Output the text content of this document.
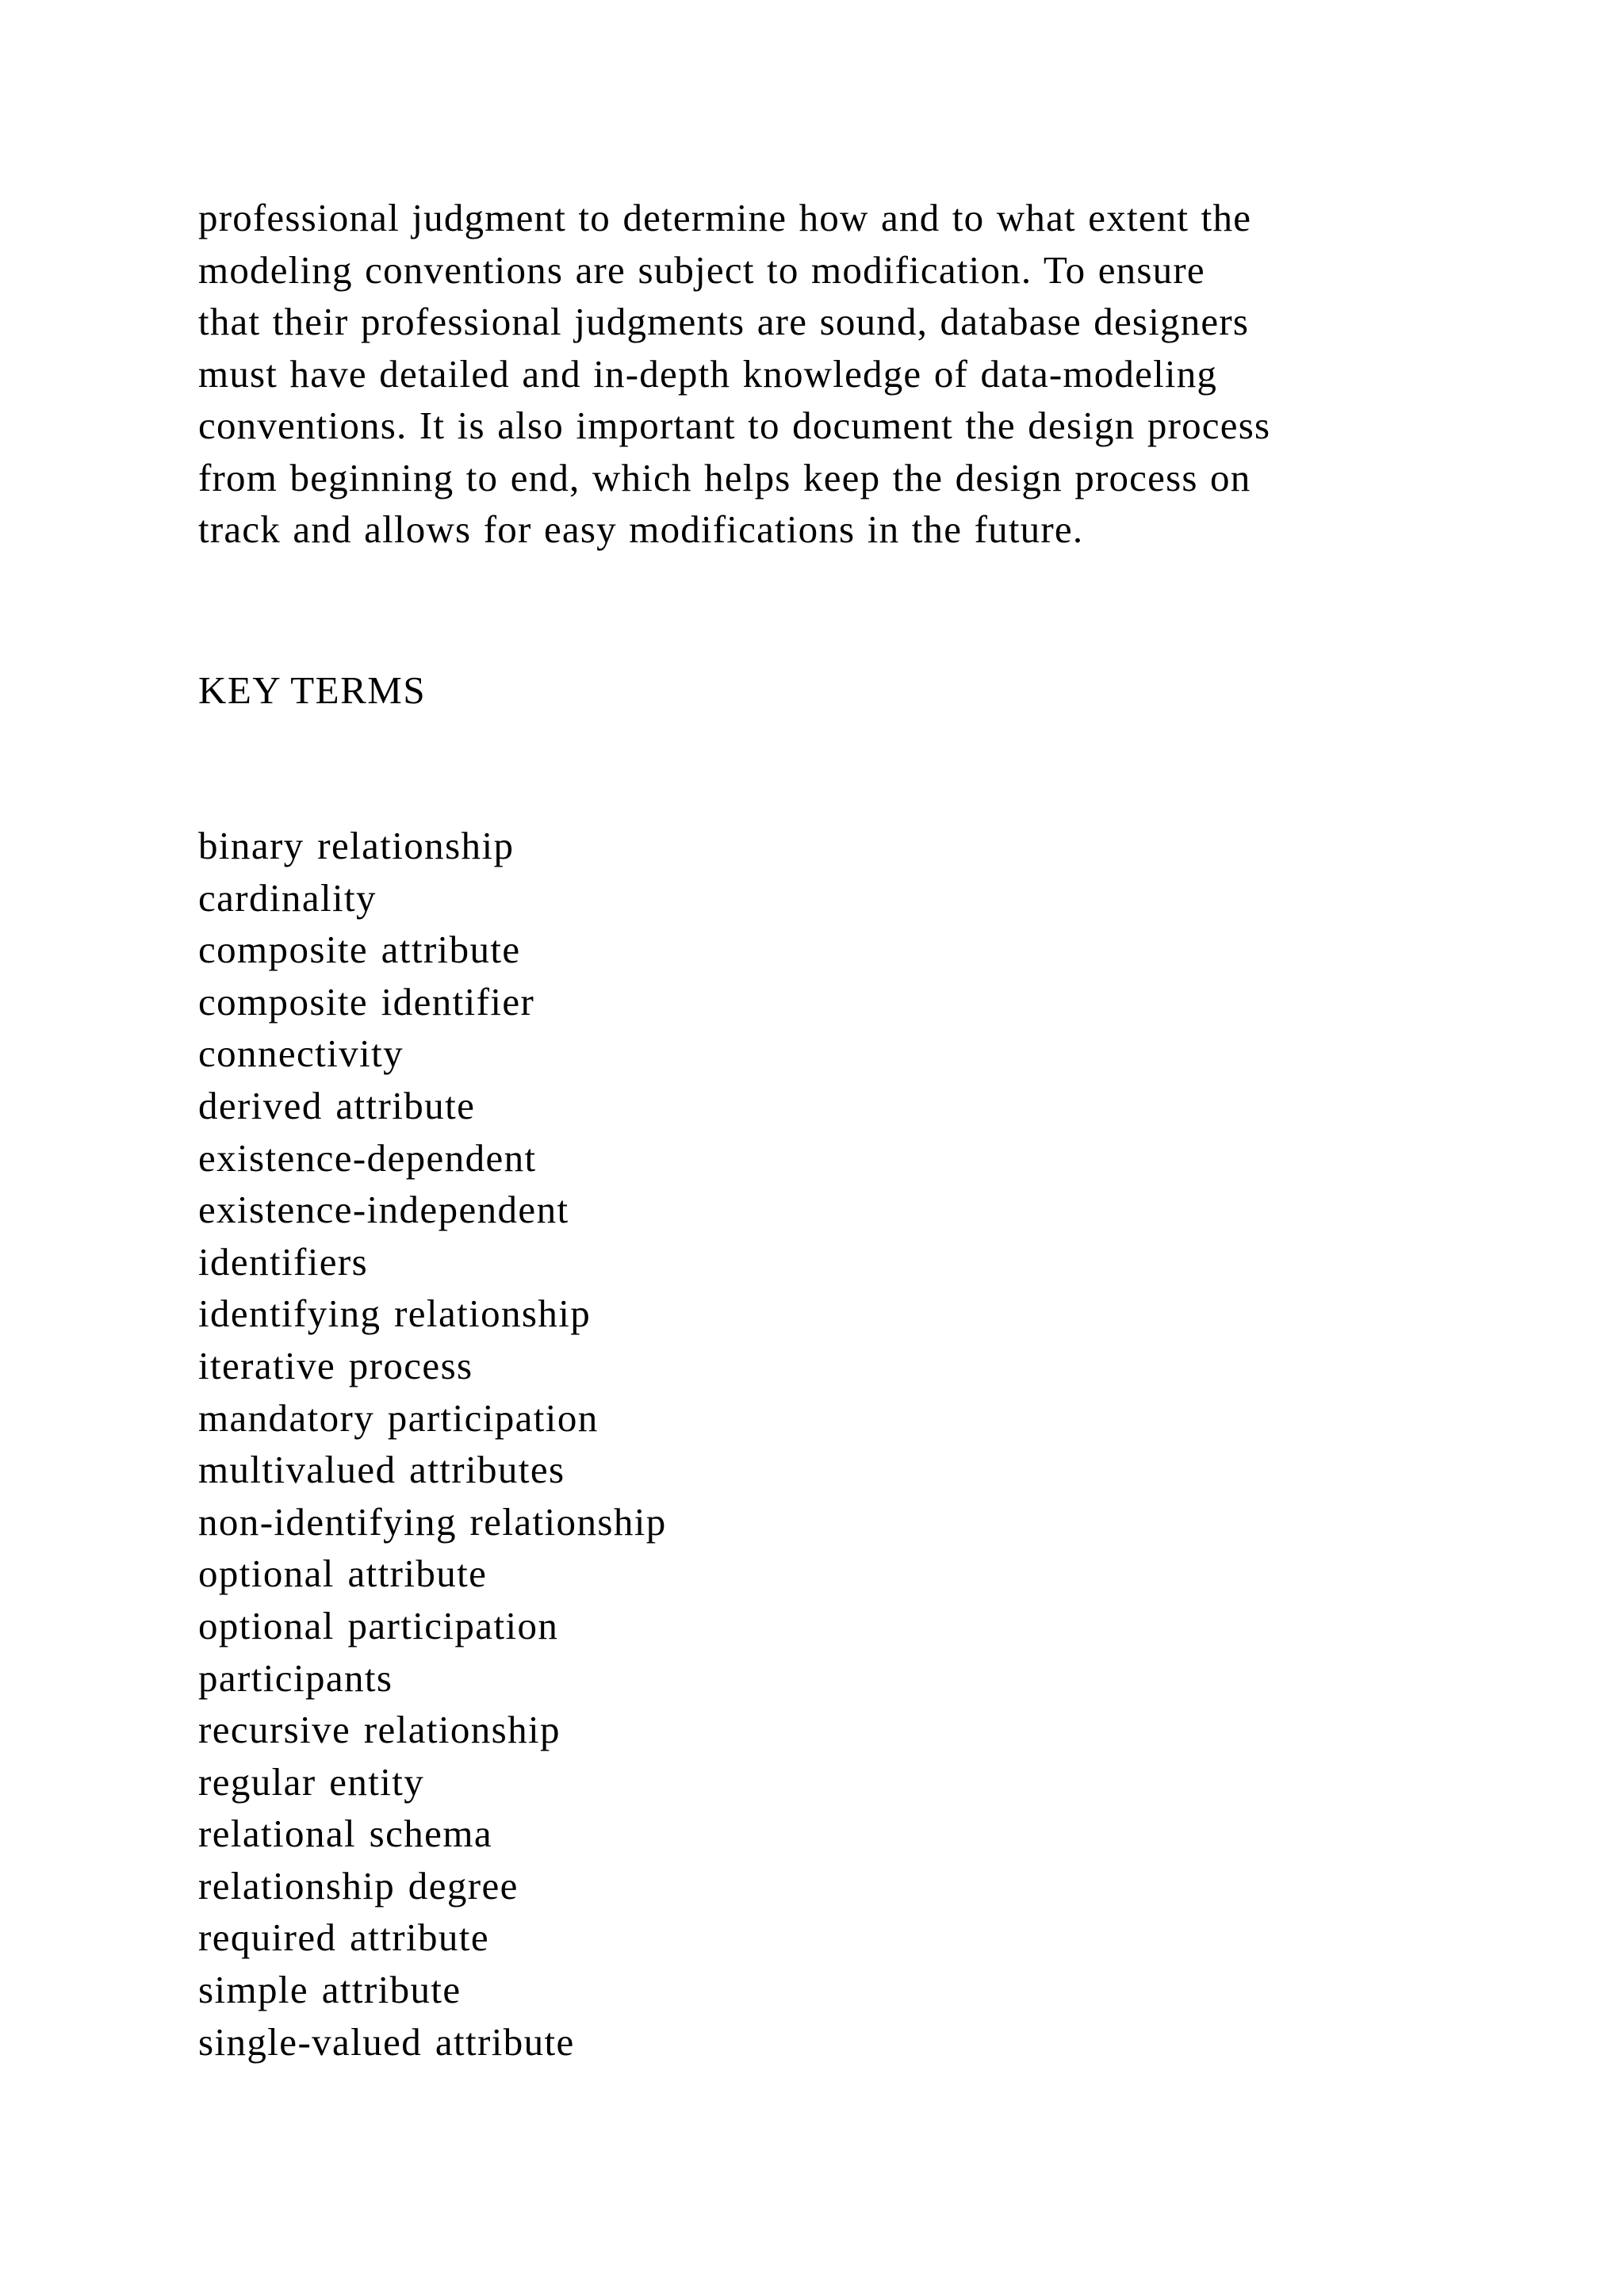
professional judgment to determine how and to what extent the
modeling conventions are subject to modification. To ensure
that their professional judgments are sound, database designers
must have detailed and in-depth knowledge of data-modeling
conventions. It is also important to document the design process
from beginning to end, which helps keep the design process on
track and allows for easy modifications in the future.

KEY TERMS
binary relationship
cardinality
composite attribute
composite identifier
connectivity
derived attribute
existence-dependent
existence-independent
identifiers
identifying relationship
iterative process
mandatory participation
multivalued attributes
non-identifying relationship
optional attribute
optional participation
participants
recursive relationship
regular entity
relational schema
relationship degree
required attribute
simple attribute
single-valued attribute
